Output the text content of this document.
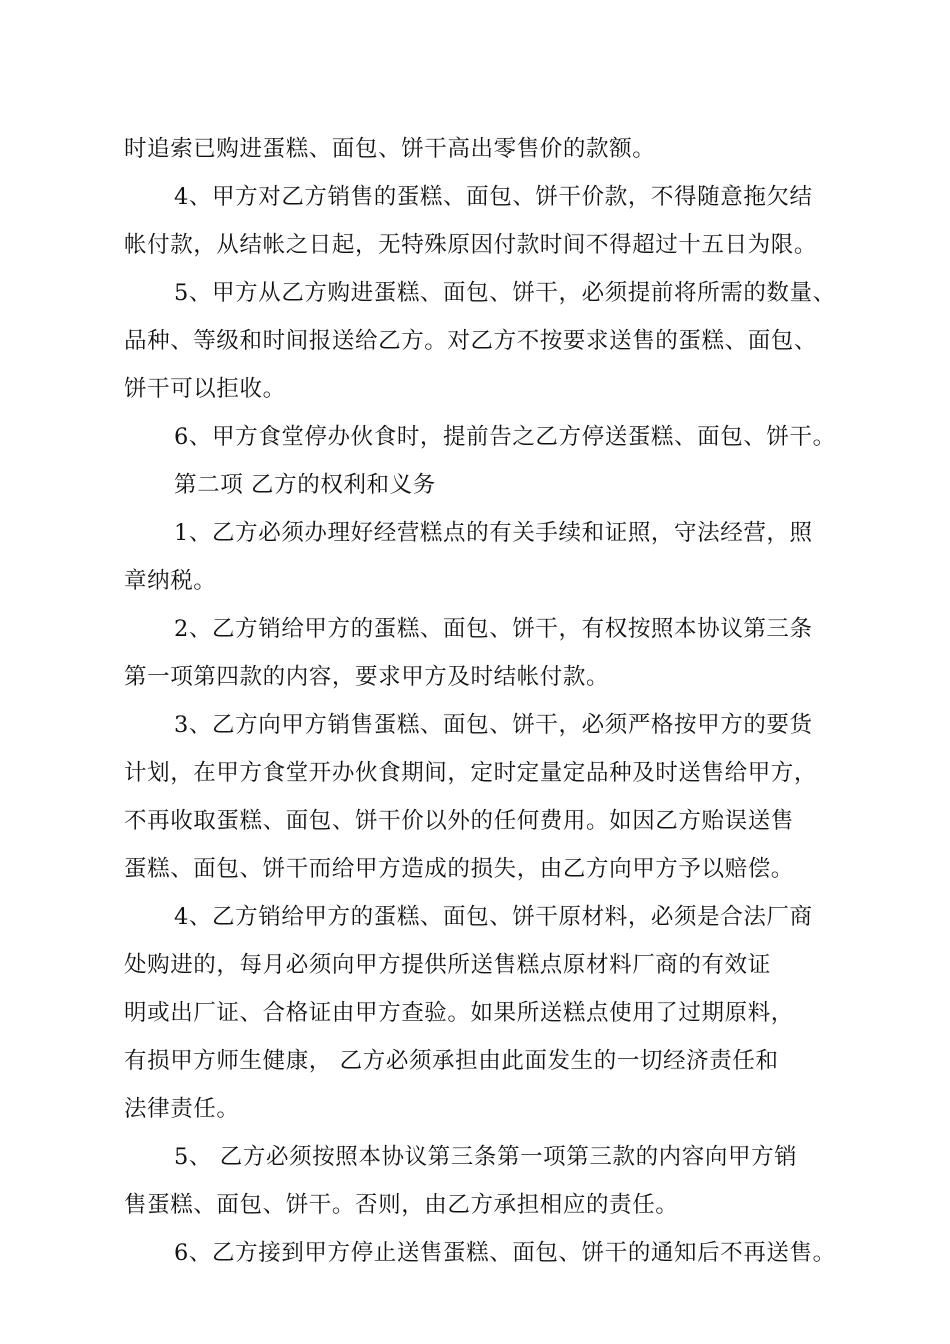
时追索已购进蛋糕、面包、饼干高出零售价的款额。
4、甲方对乙方销售的蛋糕、面包、饼干价款，不得随意拖欠结
帐付款，从结帐之日起，无特殊原因付款时间不得超过十五日为限。
5、甲方从乙方购进蛋糕、面包、饼干，必须提前将所需的数量、
品种、等级和时间报送给乙方。对乙方不按要求送售的蛋糕、面包、
饼干可以拒收。
6、甲方食堂停办伙食时，提前告之乙方停送蛋糕、面包、饼干。
第二项 乙方的权利和义务
1、乙方必须办理好经营糕点的有关手续和证照，守法经营，照
章纳税。
2、乙方销给甲方的蛋糕、面包、饼干，有权按照本协议第三条
第一项第四款的内容，要求甲方及时结帐付款。
3、乙方向甲方销售蛋糕、面包、饼干，必须严格按甲方的要货
计划，在甲方食堂开办伙食期间，定时定量定品种及时送售给甲方，
不再收取蛋糕、面包、饼干价以外的任何费用。如因乙方贻误送售
蛋糕、面包、饼干而给甲方造成的损失，由乙方向甲方予以赔偿。
4、乙方销给甲方的蛋糕、面包、饼干原材料，必须是合法厂商
处购进的，每月必须向甲方提供所送售糕点原材料厂商的有效证
明或出厂证、合格证由甲方查验。如果所送糕点使用了过期原料，
有损甲方师生健康， 乙方必须承担由此面发生的一切经济责任和
法律责任。
5、 乙方必须按照本协议第三条第一项第三款的内容向甲方销
售蛋糕、面包、饼干。否则，由乙方承担相应的责任。
6、乙方接到甲方停止送售蛋糕、面包、饼干的通知后不再送售。
